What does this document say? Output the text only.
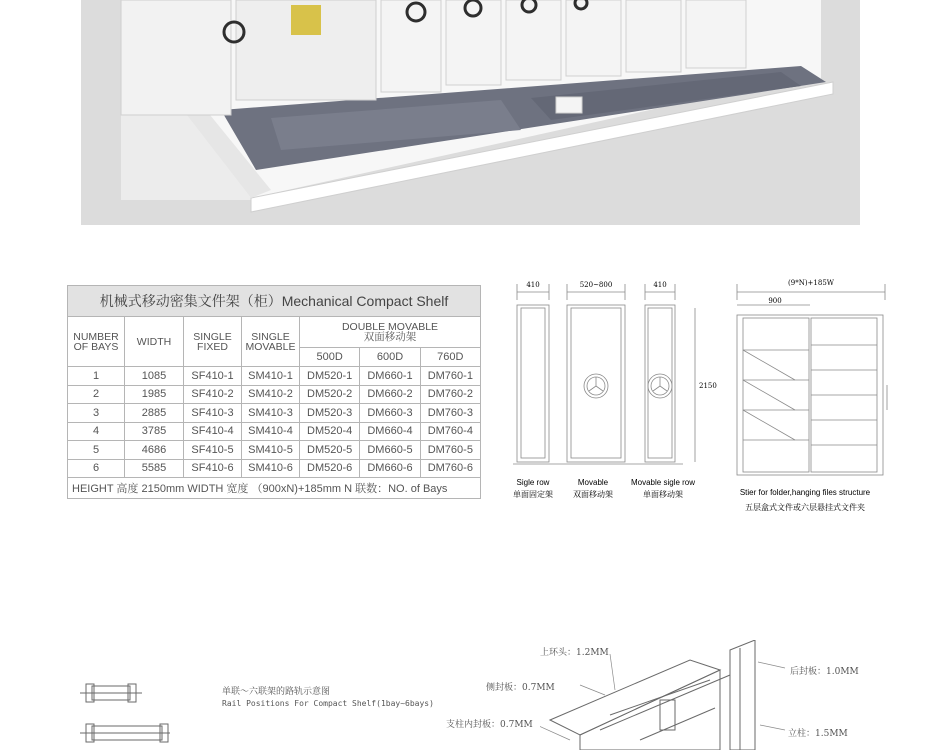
机械式移动密集文件架（柜）Mechanical Compact Shelf						
NUMBER OF BAYS	WIDTH	SINGLE FIXED	SINGLE MOVABLE	DOUBLE MOVABLE
双面移动架		

				500D	600D	760D
1	1085	SF410-1	SM410-1	DM520-1	DM660-1	DM760-1
2	1985	SF410-2	SM410-2	DM520-2	DM660-2	DM760-2
3	2885	SF410-3	SM410-3	DM520-3	DM660-3	DM760-3
4	3785	SF410-4	SM410-4	DM520-4	DM660-4	DM760-4
5	4686	SF410-5	SM410-5	DM520-5	DM660-5	DM760-5
6	5585	SF410-6	SM410-6	DM520-6	DM660-6	DM760-6
HEIGHT 高度 2150mm WIDTH 宽度 （900xN)+185mm N 联数：NO. of Bays						
410	520~800	410
2150
(9*N)+185W
900
Sigle row
单面固定架
Movable
双面移动架
Movable sigle row
单面移动架	Stier for folder,hanging files structure
五层盒式文件或六层悬挂式文件夹
单联～六联架的路轨示意图
Rail Positions For Compact Shelf(1bay~6bays)
上环头：1.2MM
侧封板：0.7MM
支柱内封板：0.7MM
后封板：1.0MM
立柱：1.5MM
